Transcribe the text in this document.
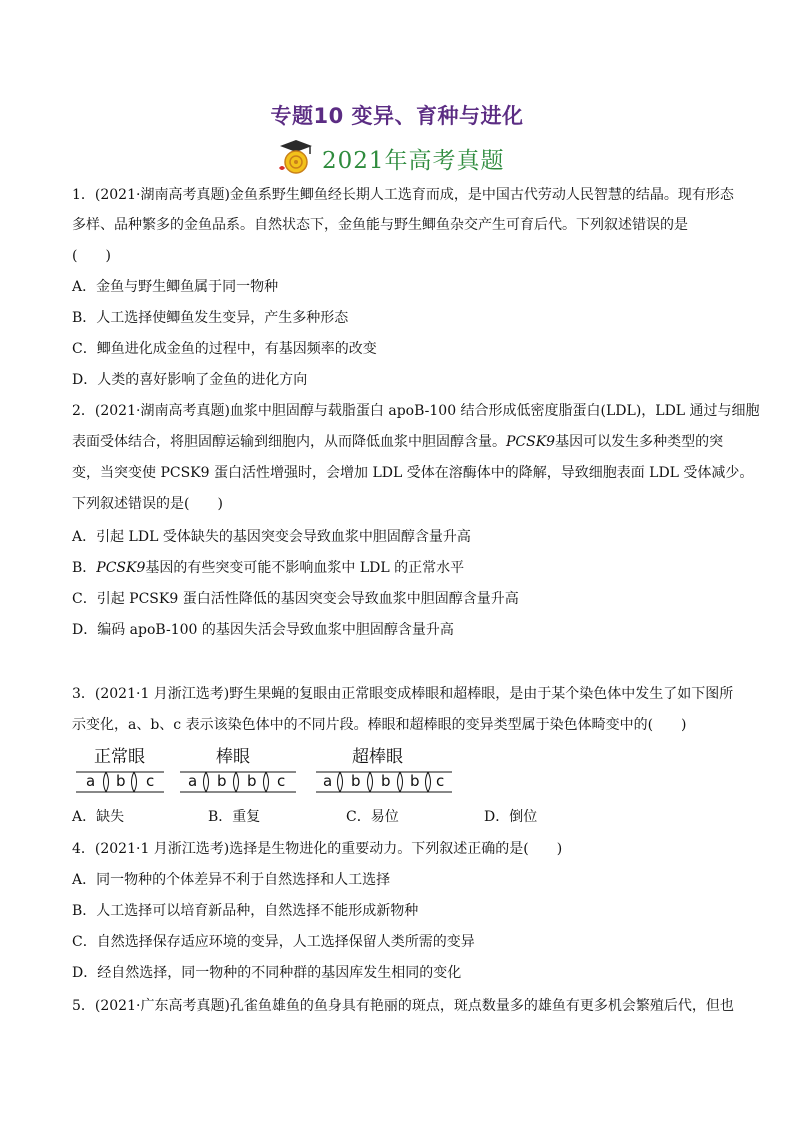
专题10 变异、育种与进化
2021年高考真题
1．(2021·湖南高考真题)金鱼系野生鲫鱼经长期人工选育而成，是中国古代劳动人民智慧的结晶。现有形态
多样、品种繁多的金鱼品系。自然状态下，金鱼能与野生鲫鱼杂交产生可育后代。下列叙述错误的是
(　　)
A．金鱼与野生鲫鱼属于同一物种
B．人工选择使鲫鱼发生变异，产生多种形态
C．鲫鱼进化成金鱼的过程中，有基因频率的改变
D．人类的喜好影响了金鱼的进化方向
2．(2021·湖南高考真题)血浆中胆固醇与载脂蛋白 apoB-100 结合形成低密度脂蛋白(LDL)，LDL 通过与细胞
表面受体结合，将胆固醇运输到细胞内，从而降低血浆中胆固醇含量。PCSK9基因可以发生多种类型的突
变，当突变使 PCSK9 蛋白活性增强时，会增加 LDL 受体在溶酶体中的降解，导致细胞表面 LDL 受体减少。
下列叙述错误的是(　　)
A．引起 LDL 受体缺失的基因突变会导致血浆中胆固醇含量升高
B．PCSK9基因的有些突变可能不影响血浆中 LDL 的正常水平
C．引起 PCSK9 蛋白活性降低的基因突变会导致血浆中胆固醇含量升高
D．编码 apoB-100 的基因失活会导致血浆中胆固醇含量升高
3．(2021·1 月浙江选考)野生果蝇的复眼由正常眼变成棒眼和超棒眼，是由于某个染色体中发生了如下图所
示变化，a、b、c 表示该染色体中的不同片段。棒眼和超棒眼的变异类型属于染色体畸变中的(　　)
正常眼	棒眼	超棒眼
a b c a b b c	a b b b c
A．缺失	B．重复	C．易位	D．倒位
4．(2021·1 月浙江选考)选择是生物进化的重要动力。下列叙述正确的是(　　)
A．同一物种的个体差异不利于自然选择和人工选择
B．人工选择可以培育新品种，自然选择不能形成新物种
C．自然选择保存适应环境的变异，人工选择保留人类所需的变异
D．经自然选择，同一物种的不同种群的基因库发生相同的变化
5．(2021·广东高考真题)孔雀鱼雄鱼的鱼身具有艳丽的斑点，斑点数量多的雄鱼有更多机会繁殖后代，但也
